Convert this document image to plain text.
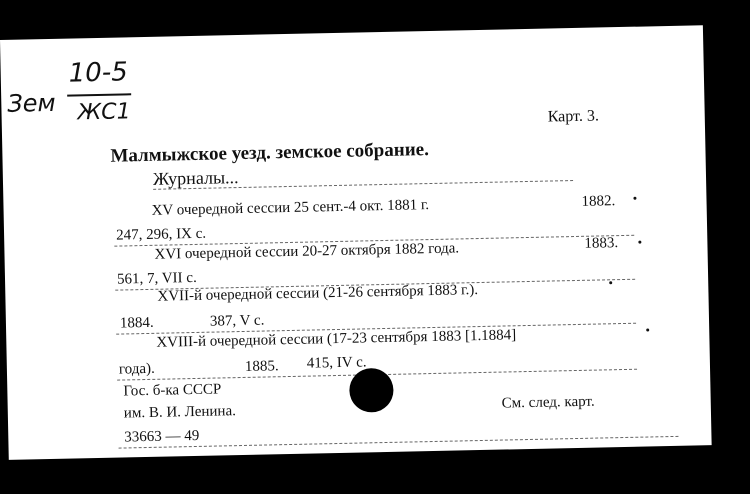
10-5
Зем ЖС1	Карт. 3.
Малмыжское уезд. земское собрание.
Журналы...
XV очередной сессии 25 сент.-4 окт. 1881 г.	1882.
247, 296, IX с.
XVI очередной сессии 20-27 октября 1882 года.	1883.
561, 7, VII с.
XVII-й очередной сессии (21-26 сентября 1883 г.).
1884.	387, V с.
XVIII-й очередной сессии (17-23 сентября 1883 [1.1884]
года).	1885. 415, IV с.
Гос. б-ка СССР
им. В. И. Ленина.
33663 — 49
См. след. карт.
